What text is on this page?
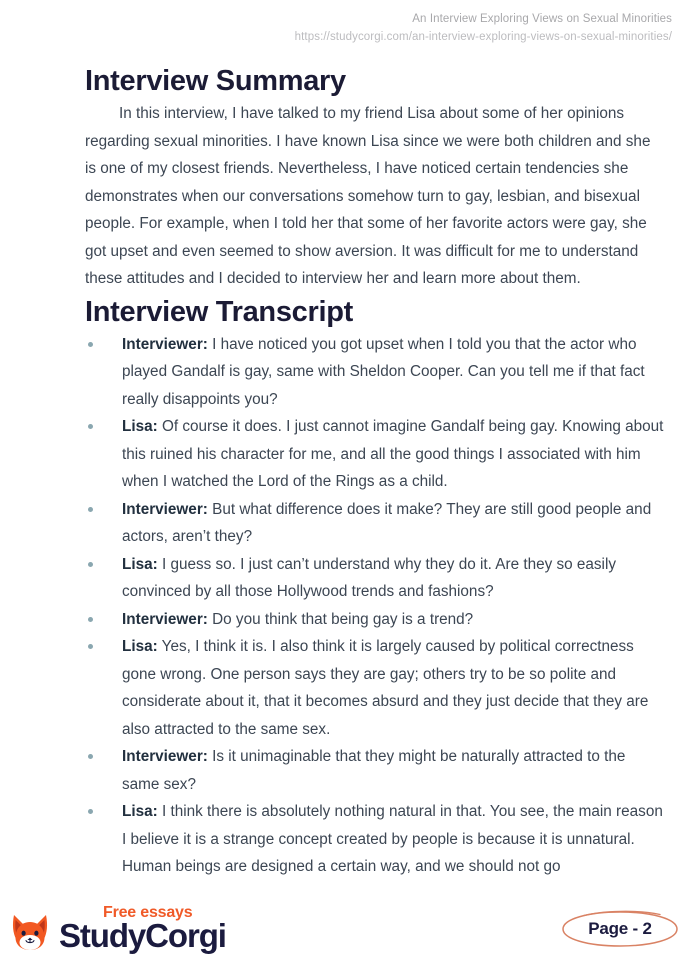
An Interview Exploring Views on Sexual Minorities
https://studycorgi.com/an-interview-exploring-views-on-sexual-minorities/
Interview Summary

In this interview, I have talked to my friend Lisa about some of her opinions regarding sexual minorities. I have known Lisa since we were both children and she is one of my closest friends. Nevertheless, I have noticed certain tendencies she demonstrates when our conversations somehow turn to gay, lesbian, and bisexual people. For example, when I told her that some of her favorite actors were gay, she got upset and even seemed to show aversion. It was difficult for me to understand these attitudes and I decided to interview her and learn more about them.

Interview Transcript
Interviewer: I have noticed you got upset when I told you that the actor who played Gandalf is gay, same with Sheldon Cooper. Can you tell me if that fact really disappoints you?
Lisa: Of course it does. I just cannot imagine Gandalf being gay. Knowing about this ruined his character for me, and all the good things I associated with him when I watched the Lord of the Rings as a child.
Interviewer: But what difference does it make? They are still good people and actors, aren’t they?
Lisa: I guess so. I just can’t understand why they do it. Are they so easily convinced by all those Hollywood trends and fashions?
Interviewer: Do you think that being gay is a trend?
Lisa: Yes, I think it is. I also think it is largely caused by political correctness gone wrong. One person says they are gay; others try to be so polite and considerate about it, that it becomes absurd and they just decide that they are also attracted to the same sex.
Interviewer: Is it unimaginable that they might be naturally attracted to the same sex?
Lisa: I think there is absolutely nothing natural in that. You see, the main reason I believe it is a strange concept created by people is because it is unnatural. Human beings are designed a certain way, and we should not go
Free essays
StudyCorgi	Page - 2
